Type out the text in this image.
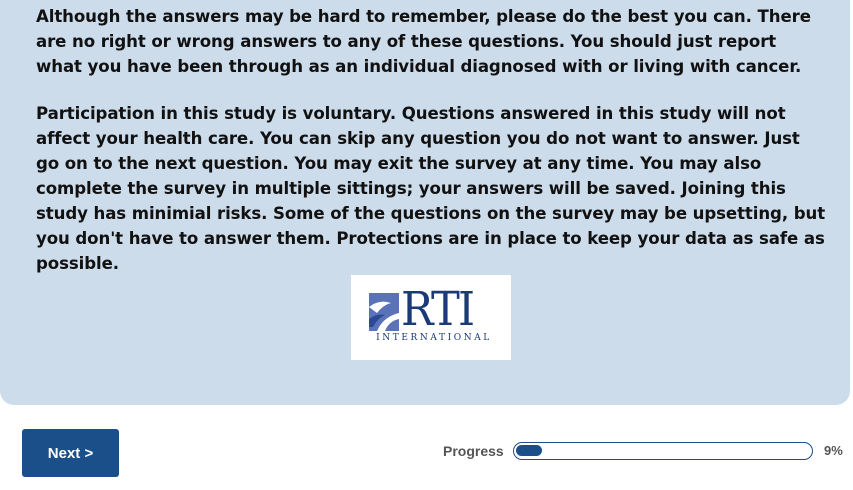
Although the answers may be hard to remember, please do the best you can. There are no right or wrong answers to any of these questions. You should just report what you have been through as an individual diagnosed with or living with cancer.

Participation in this study is voluntary. Questions answered in this study will not affect your health care. You can skip any question you do not want to answer. Just go on to the next question. You may exit the survey at any time. You may also complete the survey in multiple sittings; your answers will be saved. Joining this study has minimial risks. Some of the questions on the survey may be upsetting, but you don't have to answer them. Protections are in place to keep your data as safe as possible.

RTI
INTERNATIONAL
Next >	Progress	9%
